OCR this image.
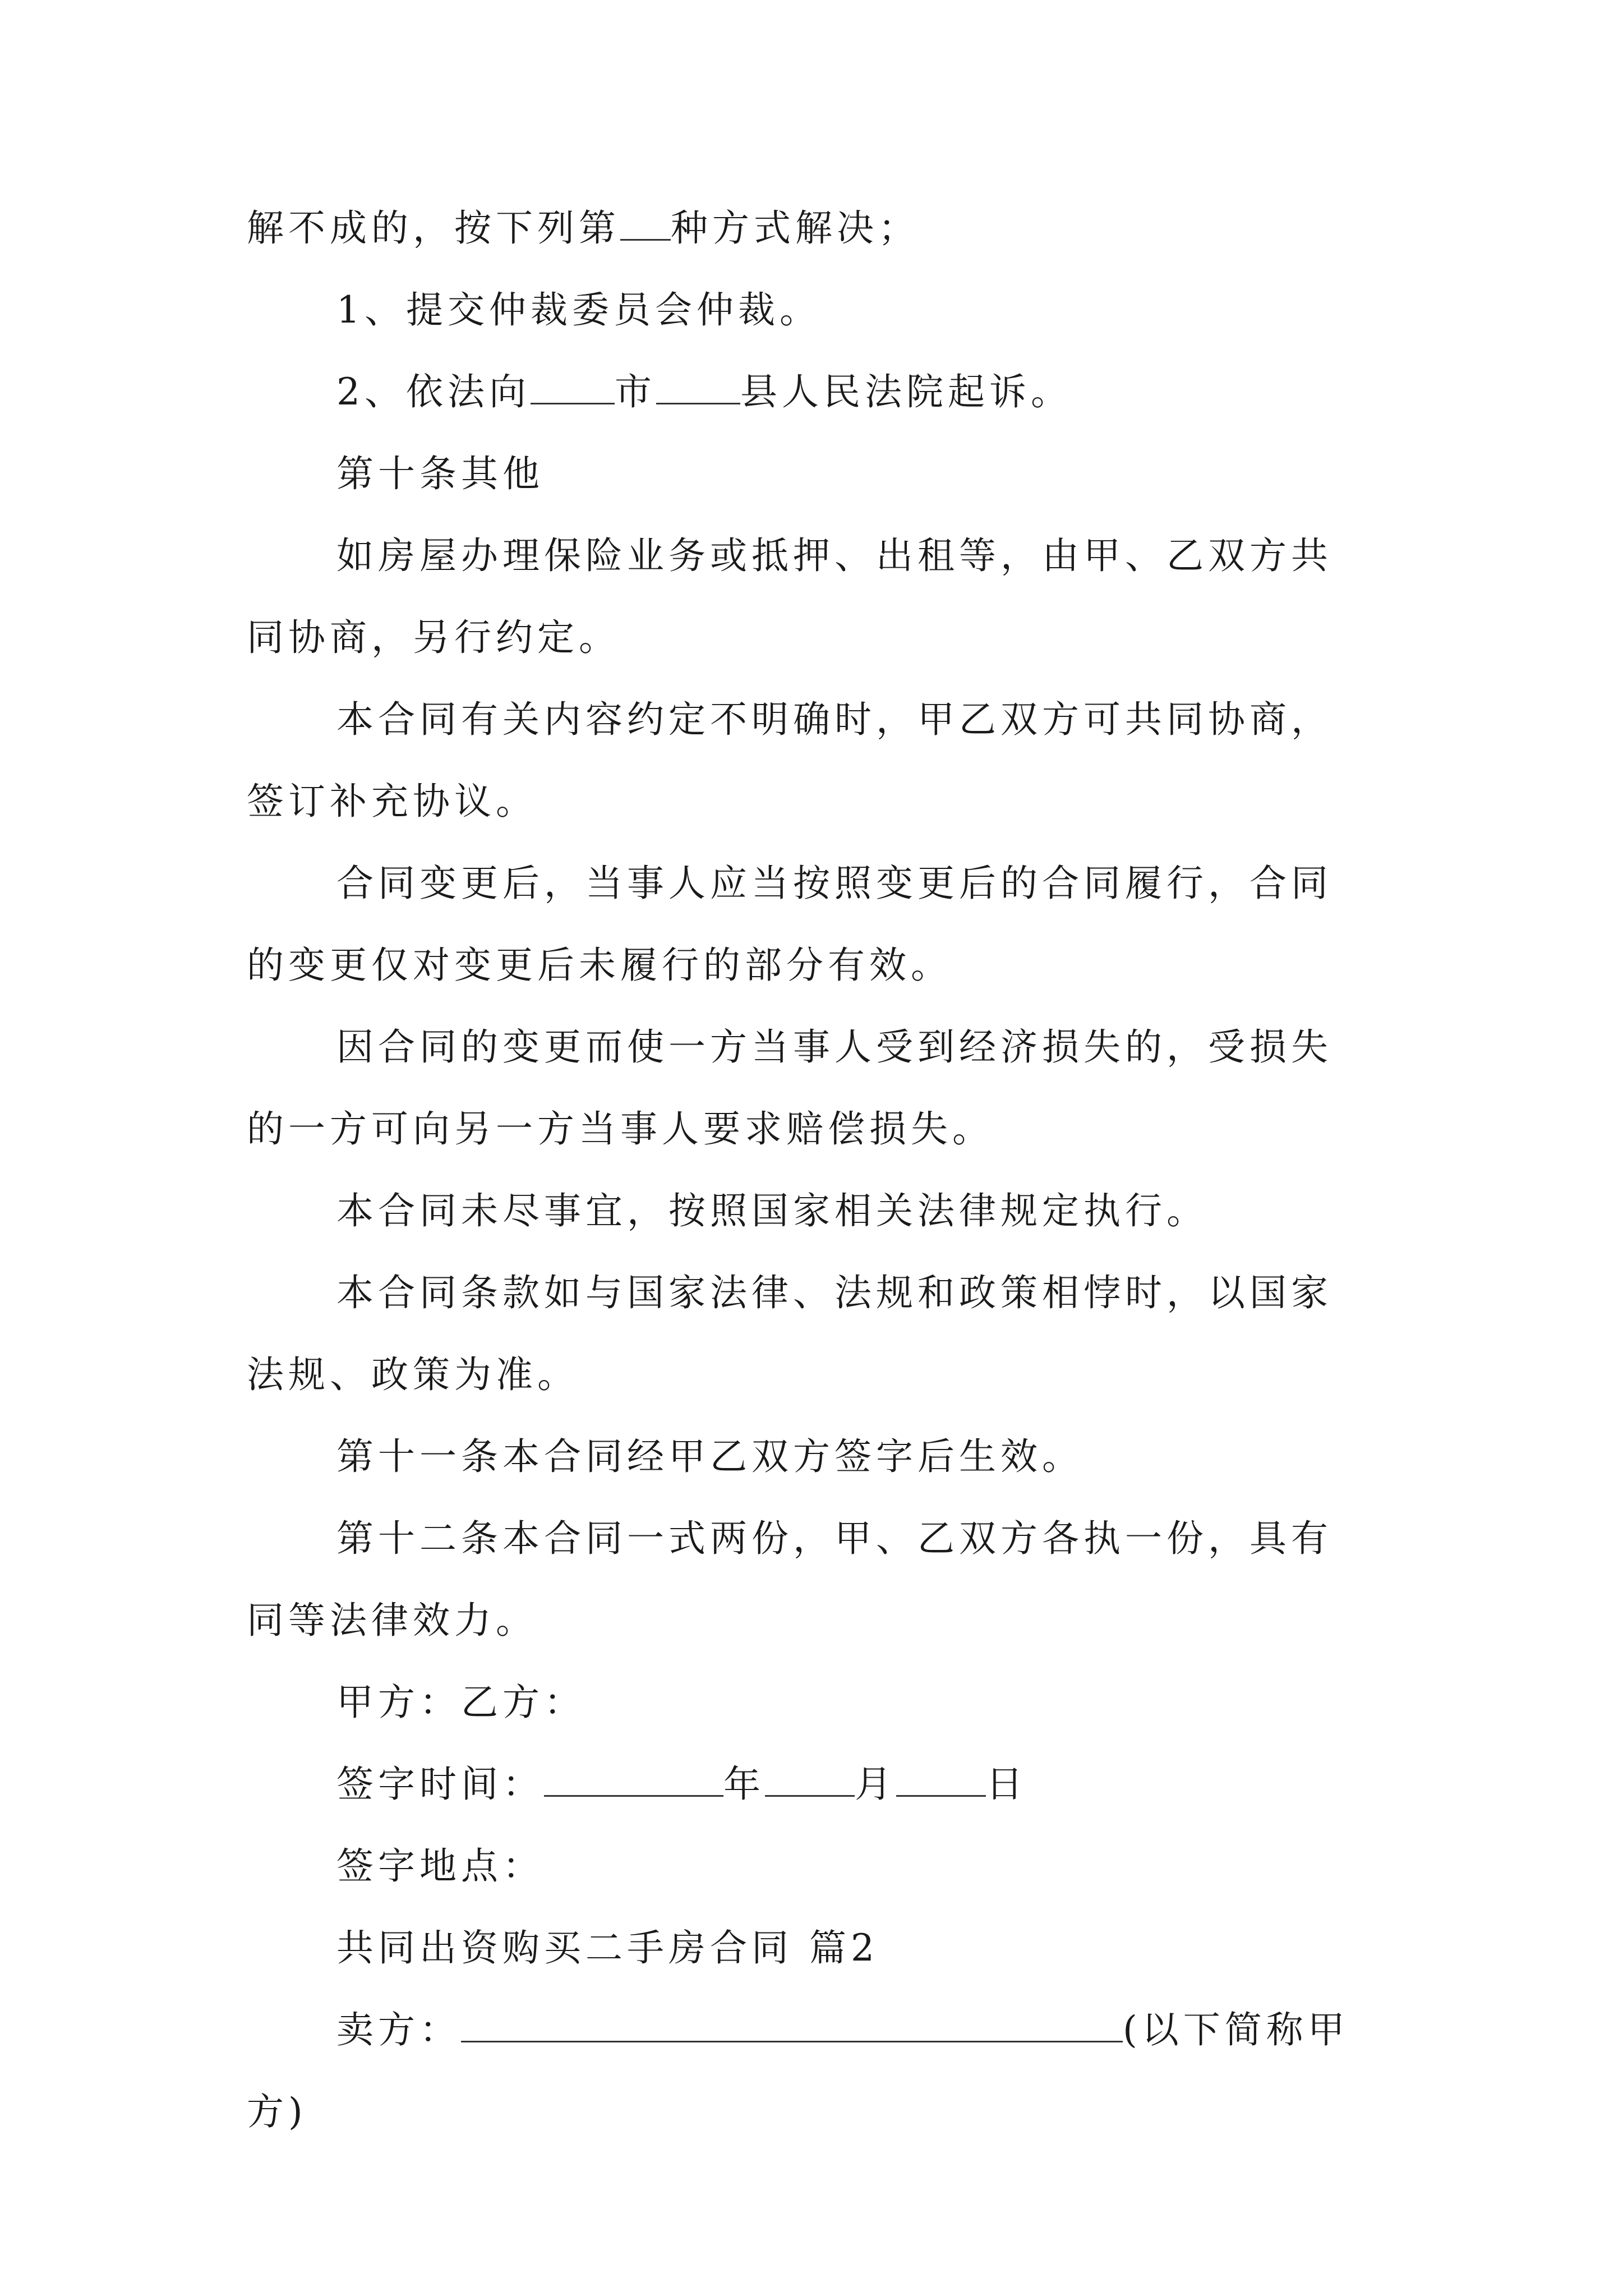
解不成的，按下列第 种方式解决；
1、提交仲裁委员会仲裁。
2、依法向 市 县人民法院起诉。
第十条其他
如房屋办理保险业务或抵押、出租等，由甲、乙双方共
同协商，另行约定。
本合同有关内容约定不明确时，甲乙双方可共同协商，
签订补充协议。
合同变更后，当事人应当按照变更后的合同履行，合同
的变更仅对变更后未履行的部分有效。
因合同的变更而使一方当事人受到经济损失的，受损失
的一方可向另一方当事人要求赔偿损失。
本合同未尽事宜，按照国家相关法律规定执行。
本合同条款如与国家法律、法规和政策相悖时，以国家
法规、政策为准。
第十一条本合同经甲乙双方签字后生效。
第十二条本合同一式两份，甲、乙双方各执一份，具有
同等法律效力。
甲方：乙方：
签字时间：	年 月 日
签字地点：
共同出资购买二手房合同 篇2
卖方：	(以下简称甲
方)
